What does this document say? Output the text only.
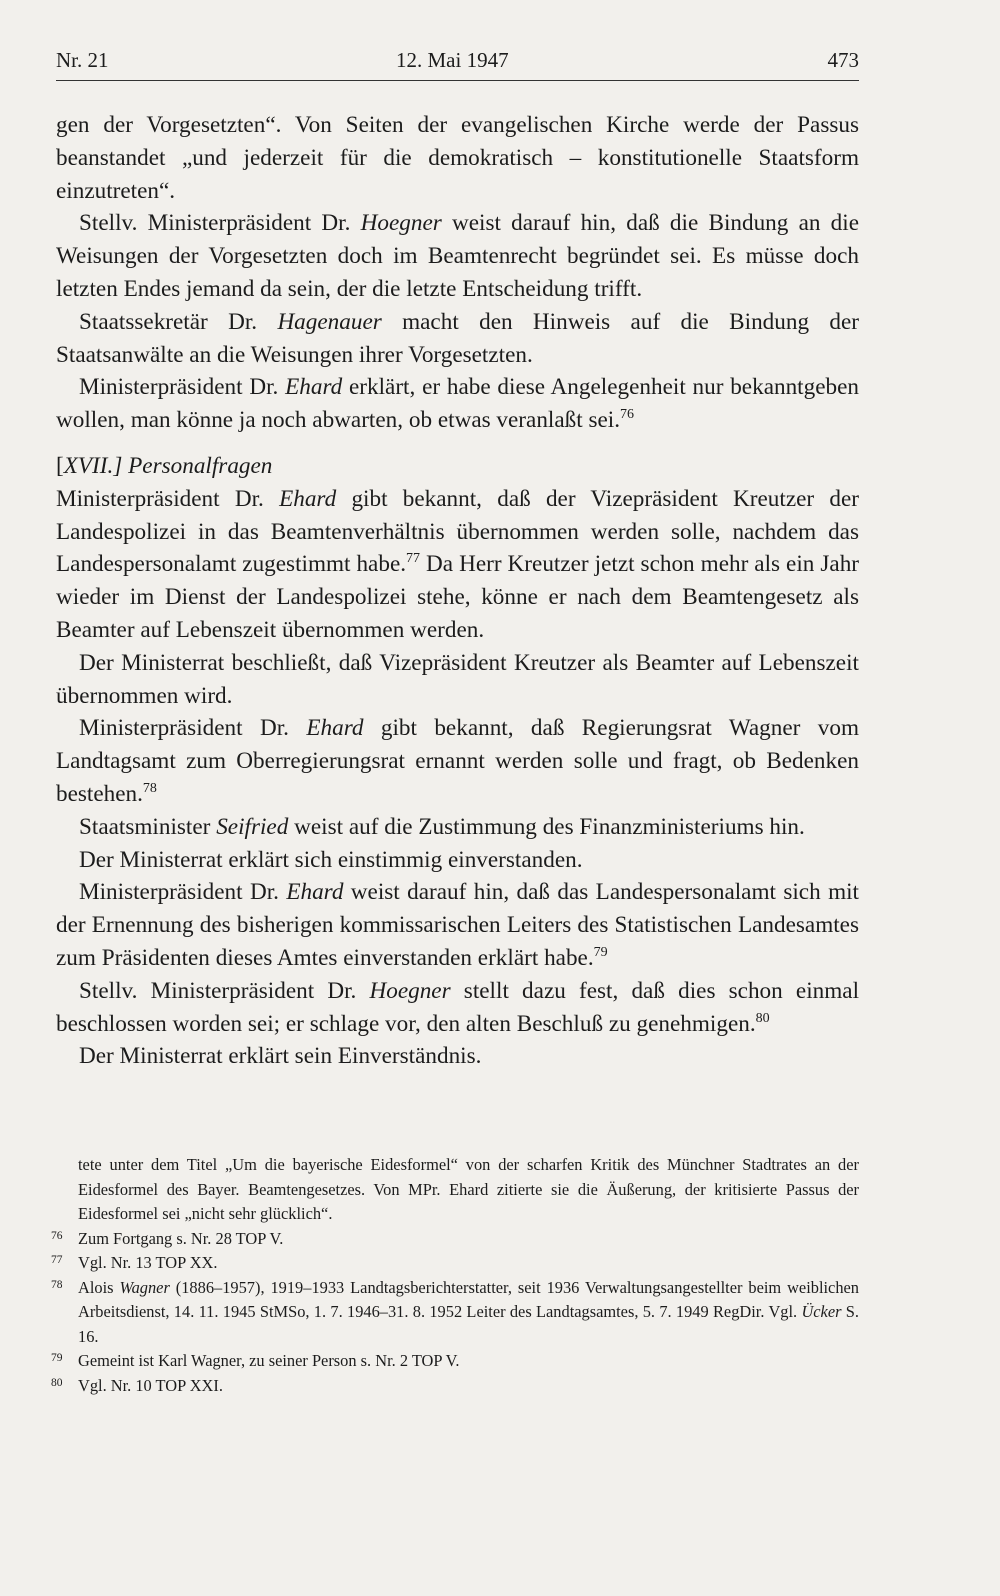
Nr. 21	12. Mai 1947	473

gen der Vorgesetzten“. Von Seiten der evangelischen Kirche werde der Passus beanstandet „und jederzeit für die demokratisch – konstitutionelle Staatsform einzutreten“.

Stellv. Ministerpräsident Dr. Hoegner weist darauf hin, daß die Bindung an die Weisungen der Vorgesetzten doch im Beamtenrecht begründet sei. Es müsse doch letzten Endes jemand da sein, der die letzte Entscheidung trifft.

Staatssekretär Dr. Hagenauer macht den Hinweis auf die Bindung der Staatsanwälte an die Weisungen ihrer Vorgesetzten.

Ministerpräsident Dr. Ehard erklärt, er habe diese Angelegenheit nur bekanntgeben wollen, man könne ja noch abwarten, ob etwas veranlaßt sei.$^{76}$

[XVII.] Personalfragen

Ministerpräsident Dr. Ehard gibt bekannt, daß der Vizepräsident Kreutzer der Landespolizei in das Beamtenverhältnis übernommen werden solle, nachdem das Landespersonalamt zugestimmt habe.$^{77}$ Da Herr Kreutzer jetzt schon mehr als ein Jahr wieder im Dienst der Landespolizei stehe, könne er nach dem Beamtengesetz als Beamter auf Lebenszeit übernommen werden.

Der Ministerrat beschließt, daß Vizepräsident Kreutzer als Beamter auf Lebenszeit übernommen wird.

Ministerpräsident Dr. Ehard gibt bekannt, daß Regierungsrat Wagner vom Landtagsamt zum Oberregierungsrat ernannt werden solle und fragt, ob Bedenken bestehen.$^{78}$

Staatsminister Seifried weist auf die Zustimmung des Finanzministeriums hin.

Der Ministerrat erklärt sich einstimmig einverstanden.

Ministerpräsident Dr. Ehard weist darauf hin, daß das Landespersonalamt sich mit der Ernennung des bisherigen kommissarischen Leiters des Statistischen Landesamtes zum Präsidenten dieses Amtes einverstanden erklärt habe.$^{79}$

Stellv. Ministerpräsident Dr. Hoegner stellt dazu fest, daß dies schon einmal beschlossen worden sei; er schlage vor, den alten Beschluß zu genehmigen.$^{80}$

Der Ministerrat erklärt sein Einverständnis.

tete unter dem Titel „Um die bayerische Eidesformel“ von der scharfen Kritik des Münchner Stadtrates an der Eidesformel des Bayer. Beamtengesetzes. Von MPr. Ehard zitierte sie die Äußerung, der kritisierte Passus der Eidesformel sei „nicht sehr glücklich“.

76 Zum Fortgang s. Nr. 28 TOP V.

77 Vgl. Nr. 13 TOP XX.

78 Alois Wagner (1886–1957), 1919–1933 Landtagsberichterstatter, seit 1936 Verwaltungsangestellter beim weiblichen Arbeitsdienst, 14. 11. 1945 StMSo, 1. 7. 1946–31. 8. 1952 Leiter des Landtagsamtes, 5. 7. 1949 RegDir. Vgl. Ücker S. 16.

79 Gemeint ist Karl Wagner, zu seiner Person s. Nr. 2 TOP V.

80 Vgl. Nr. 10 TOP XXI.
